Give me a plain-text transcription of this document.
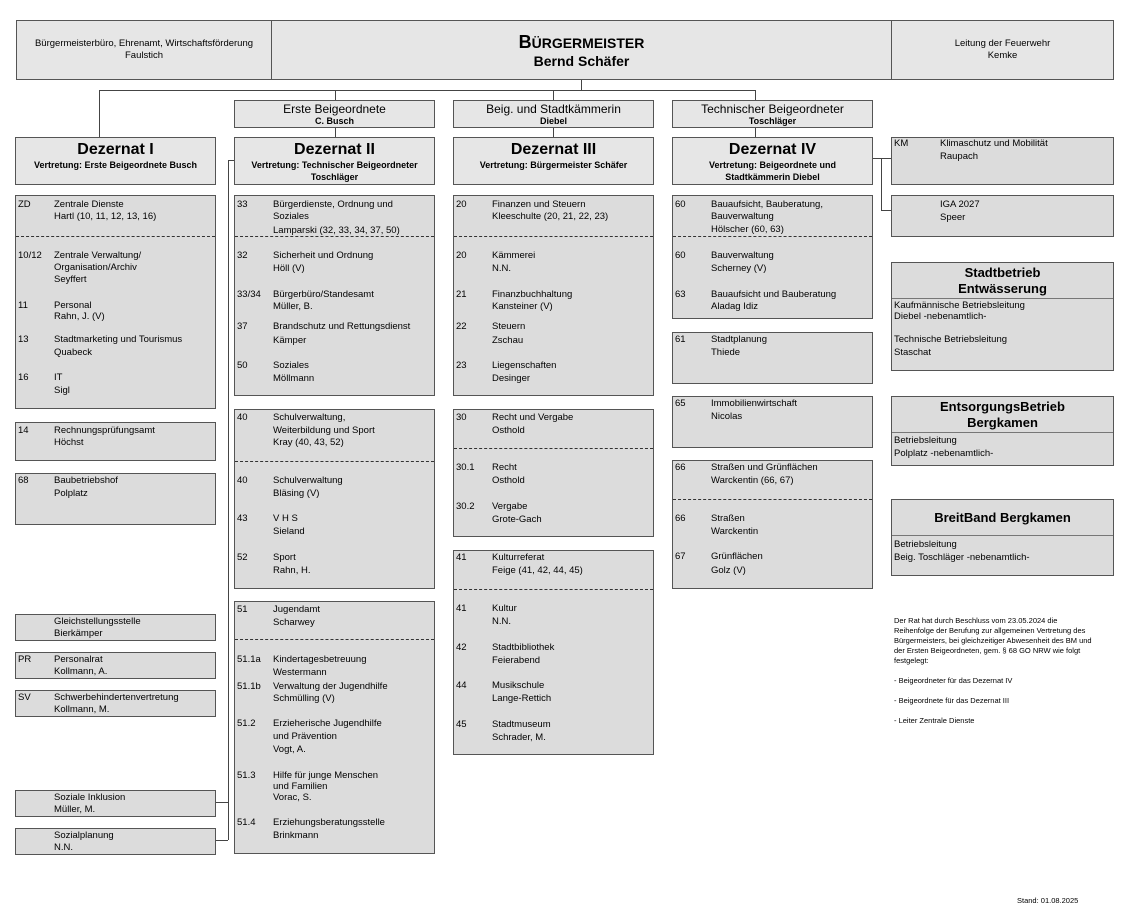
Bürgermeisterbüro, Ehrenamt, Wirtschaftsförderung
Faulstich
BÜRGERMEISTER
Bernd Schäfer
Leitung der Feuerwehr
Kemke
Erste Beigeordnete
C. Busch
Beig. und Stadtkämmerin
Diebel
Technischer Beigeordneter
Toschläger
Dezernat I
Vertretung: Erste Beigeordnete Busch
Dezernat II
Vertretung: Technischer Beigeordneter
Toschläger
Dezernat III
Vertretung: Bürgermeister Schäfer
Dezernat IV
Vertretung: Beigeordnete und
Stadtkämmerin Diebel
ZD Zentrale Dienste
Hartl (10, 11, 12, 13, 16)
10/12 Zentrale Verwaltung/
Organisation/Archiv
Seyffert
11	Personal
Rahn, J. (V)
13	Stadtmarketing und Tourismus
Quabeck
16	IT
Sigl
14	Rechnungsprüfungsamt
Höchst
68	Baubetriebshof
Polplatz
Gleichstellungsstelle
Bierkämper
PR Personalrat
Kollmann, A.
SV Schwerbehindertenvertretung
Kollmann, M.
Soziale Inklusion
Müller, M.
Sozialplanung
N.N.
33	Bürgerdienste, Ordnung und
Soziales
Lamparski (32, 33, 34, 37, 50)
32	Sicherheit und Ordnung
Höll (V)
33/34 Bürgerbüro/Standesamt
Müller, B.
37	Brandschutz und Rettungsdienst
Kämper
50	Soziales
Möllmann
40	Schulverwaltung,
Weiterbildung und Sport
Kray (40, 43, 52)
40	Schulverwaltung
Bläsing (V)
43	V H S
Sieland
52	Sport
Rahn, H.
51	Jugendamt
Scharwey
51.1a Kindertagesbetreuung
Westermann
51.1b Verwaltung der Jugendhilfe
Schmülling (V)
51.2 Erzieherische Jugendhilfe
und Prävention
Vogt, A.
51.3 Hilfe für junge Menschen
und Familien
Vorac, S.
51.4 Erziehungsberatungsstelle
Brinkmann
20	Finanzen und Steuern
Kleeschulte (20, 21, 22, 23)
20	Kämmerei
N.N.
21	Finanzbuchhaltung
Kansteiner (V)
22	Steuern
Zschau
23	Liegenschaften
Desinger
30	Recht und Vergabe
Osthold
30.1 Recht
Osthold
30.2 Vergabe
Grote-Gach
41	Kulturreferat
Feige (41, 42, 44, 45)
41	Kultur
N.N.
42	Stadtbibliothek
Feierabend
44	Musikschule
Lange-Rettich
45	Stadtmuseum
Schrader, M.
60	Bauaufsicht, Bauberatung,
Bauverwaltung
Hölscher (60, 63)
60	Bauverwaltung
Scherney (V)
63	Bauaufsicht und Bauberatung
Aladag Idiz
61	Stadtplanung
Thiede
65	Immobilienwirtschaft
Nicolas
66	Straßen und Grünflächen
Warckentin (66, 67)
66	Straßen
Warckentin
67	Grünflächen
Golz (V)
KM	Klimaschutz und Mobilität
Raupach
IGA 2027
Speer
Stadtbetrieb
Entwässerung
Kaufmännische Betriebsleitung
Diebel -nebenamtlich-
Technische Betriebsleitung
Staschat
EntsorgungsBetrieb
Bergkamen
Betriebsleitung
Polplatz -nebenamtlich-
BreitBand Bergkamen
Betriebsleitung
Beig. Toschläger -nebenamtlich-
Der Rat hat durch Beschluss vom 23.05.2024 die
Reihenfolge der Berufung zur allgemeinen Vertretung des
Bürgermeisters, bei gleichzeitiger Abwesenheit des BM und
der Ersten Beigeordneten, gem. § 68 GO NRW wie folgt
festgelegt:
- Beigeordneter für das Dezernat IV
- Beigeordnete für das Dezernat III
- Leiter Zentrale Dienste
Stand: 01.08.2025
